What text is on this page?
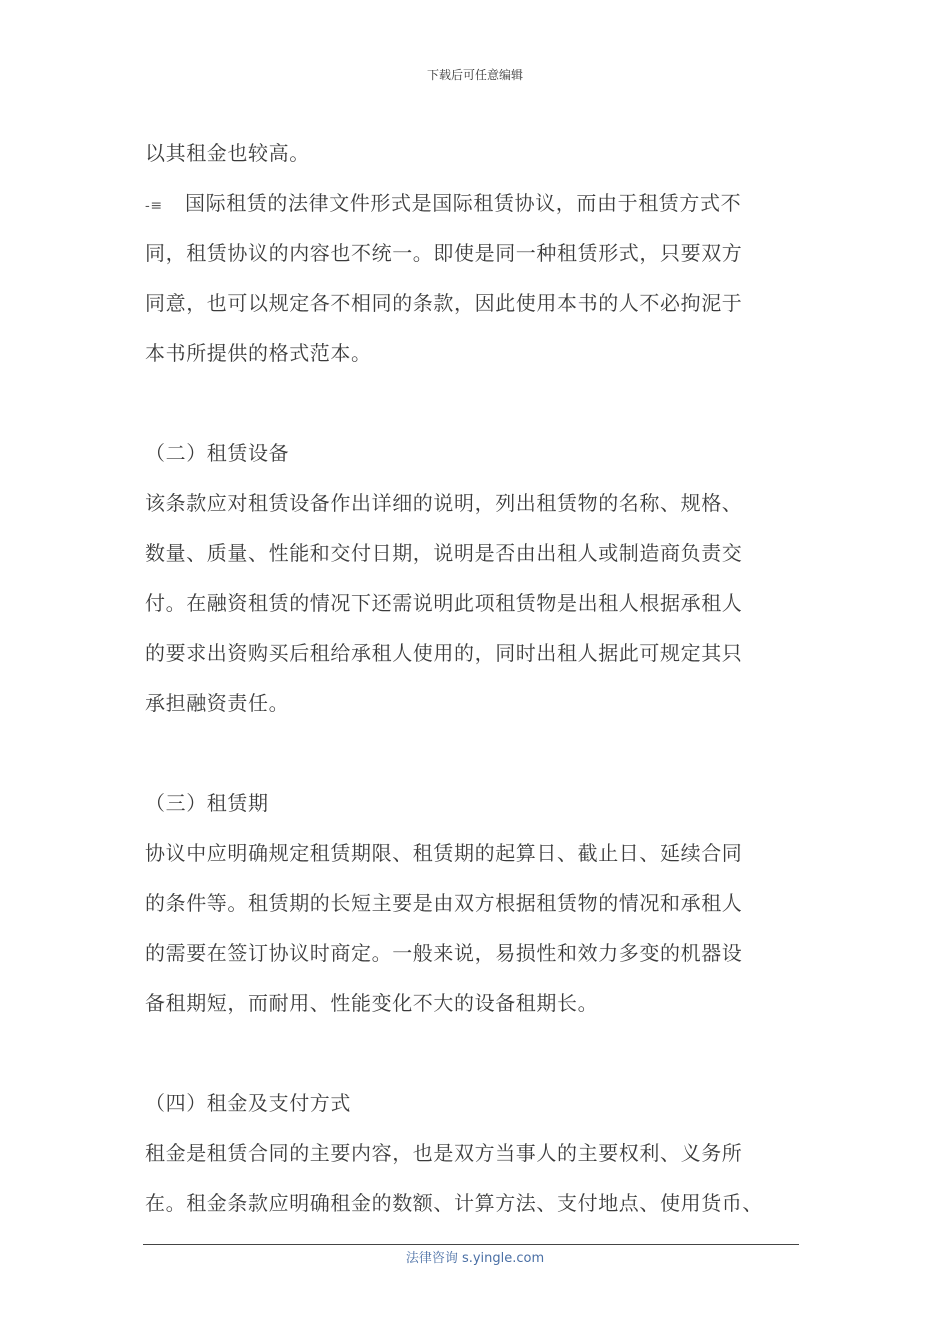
下载后可任意编辑
以其租金也较高。
-≡ 国际租赁的法律文件形式是国际租赁协议，而由于租赁方式不
同，租赁协议的内容也不统一。即使是同一种租赁形式，只要双方
同意，也可以规定各不相同的条款，因此使用本书的人不必拘泥于
本书所提供的格式范本。
（二）租赁设备
该条款应对租赁设备作出详细的说明，列出租赁物的名称、规格、
数量、质量、性能和交付日期，说明是否由出租人或制造商负责交
付。在融资租赁的情况下还需说明此项租赁物是出租人根据承租人
的要求出资购买后租给承租人使用的，同时出租人据此可规定其只
承担融资责任。
（三）租赁期
协议中应明确规定租赁期限、租赁期的起算日、截止日、延续合同
的条件等。租赁期的长短主要是由双方根据租赁物的情况和承租人
的需要在签订协议时商定。一般来说，易损性和效力多变的机器设
备租期短，而耐用、性能变化不大的设备租期长。
（四）租金及支付方式
租金是租赁合同的主要内容，也是双方当事人的主要权利、义务所
在。租金条款应明确租金的数额、计算方法、支付地点、使用货币、
法律咨询 s.yingle.com
